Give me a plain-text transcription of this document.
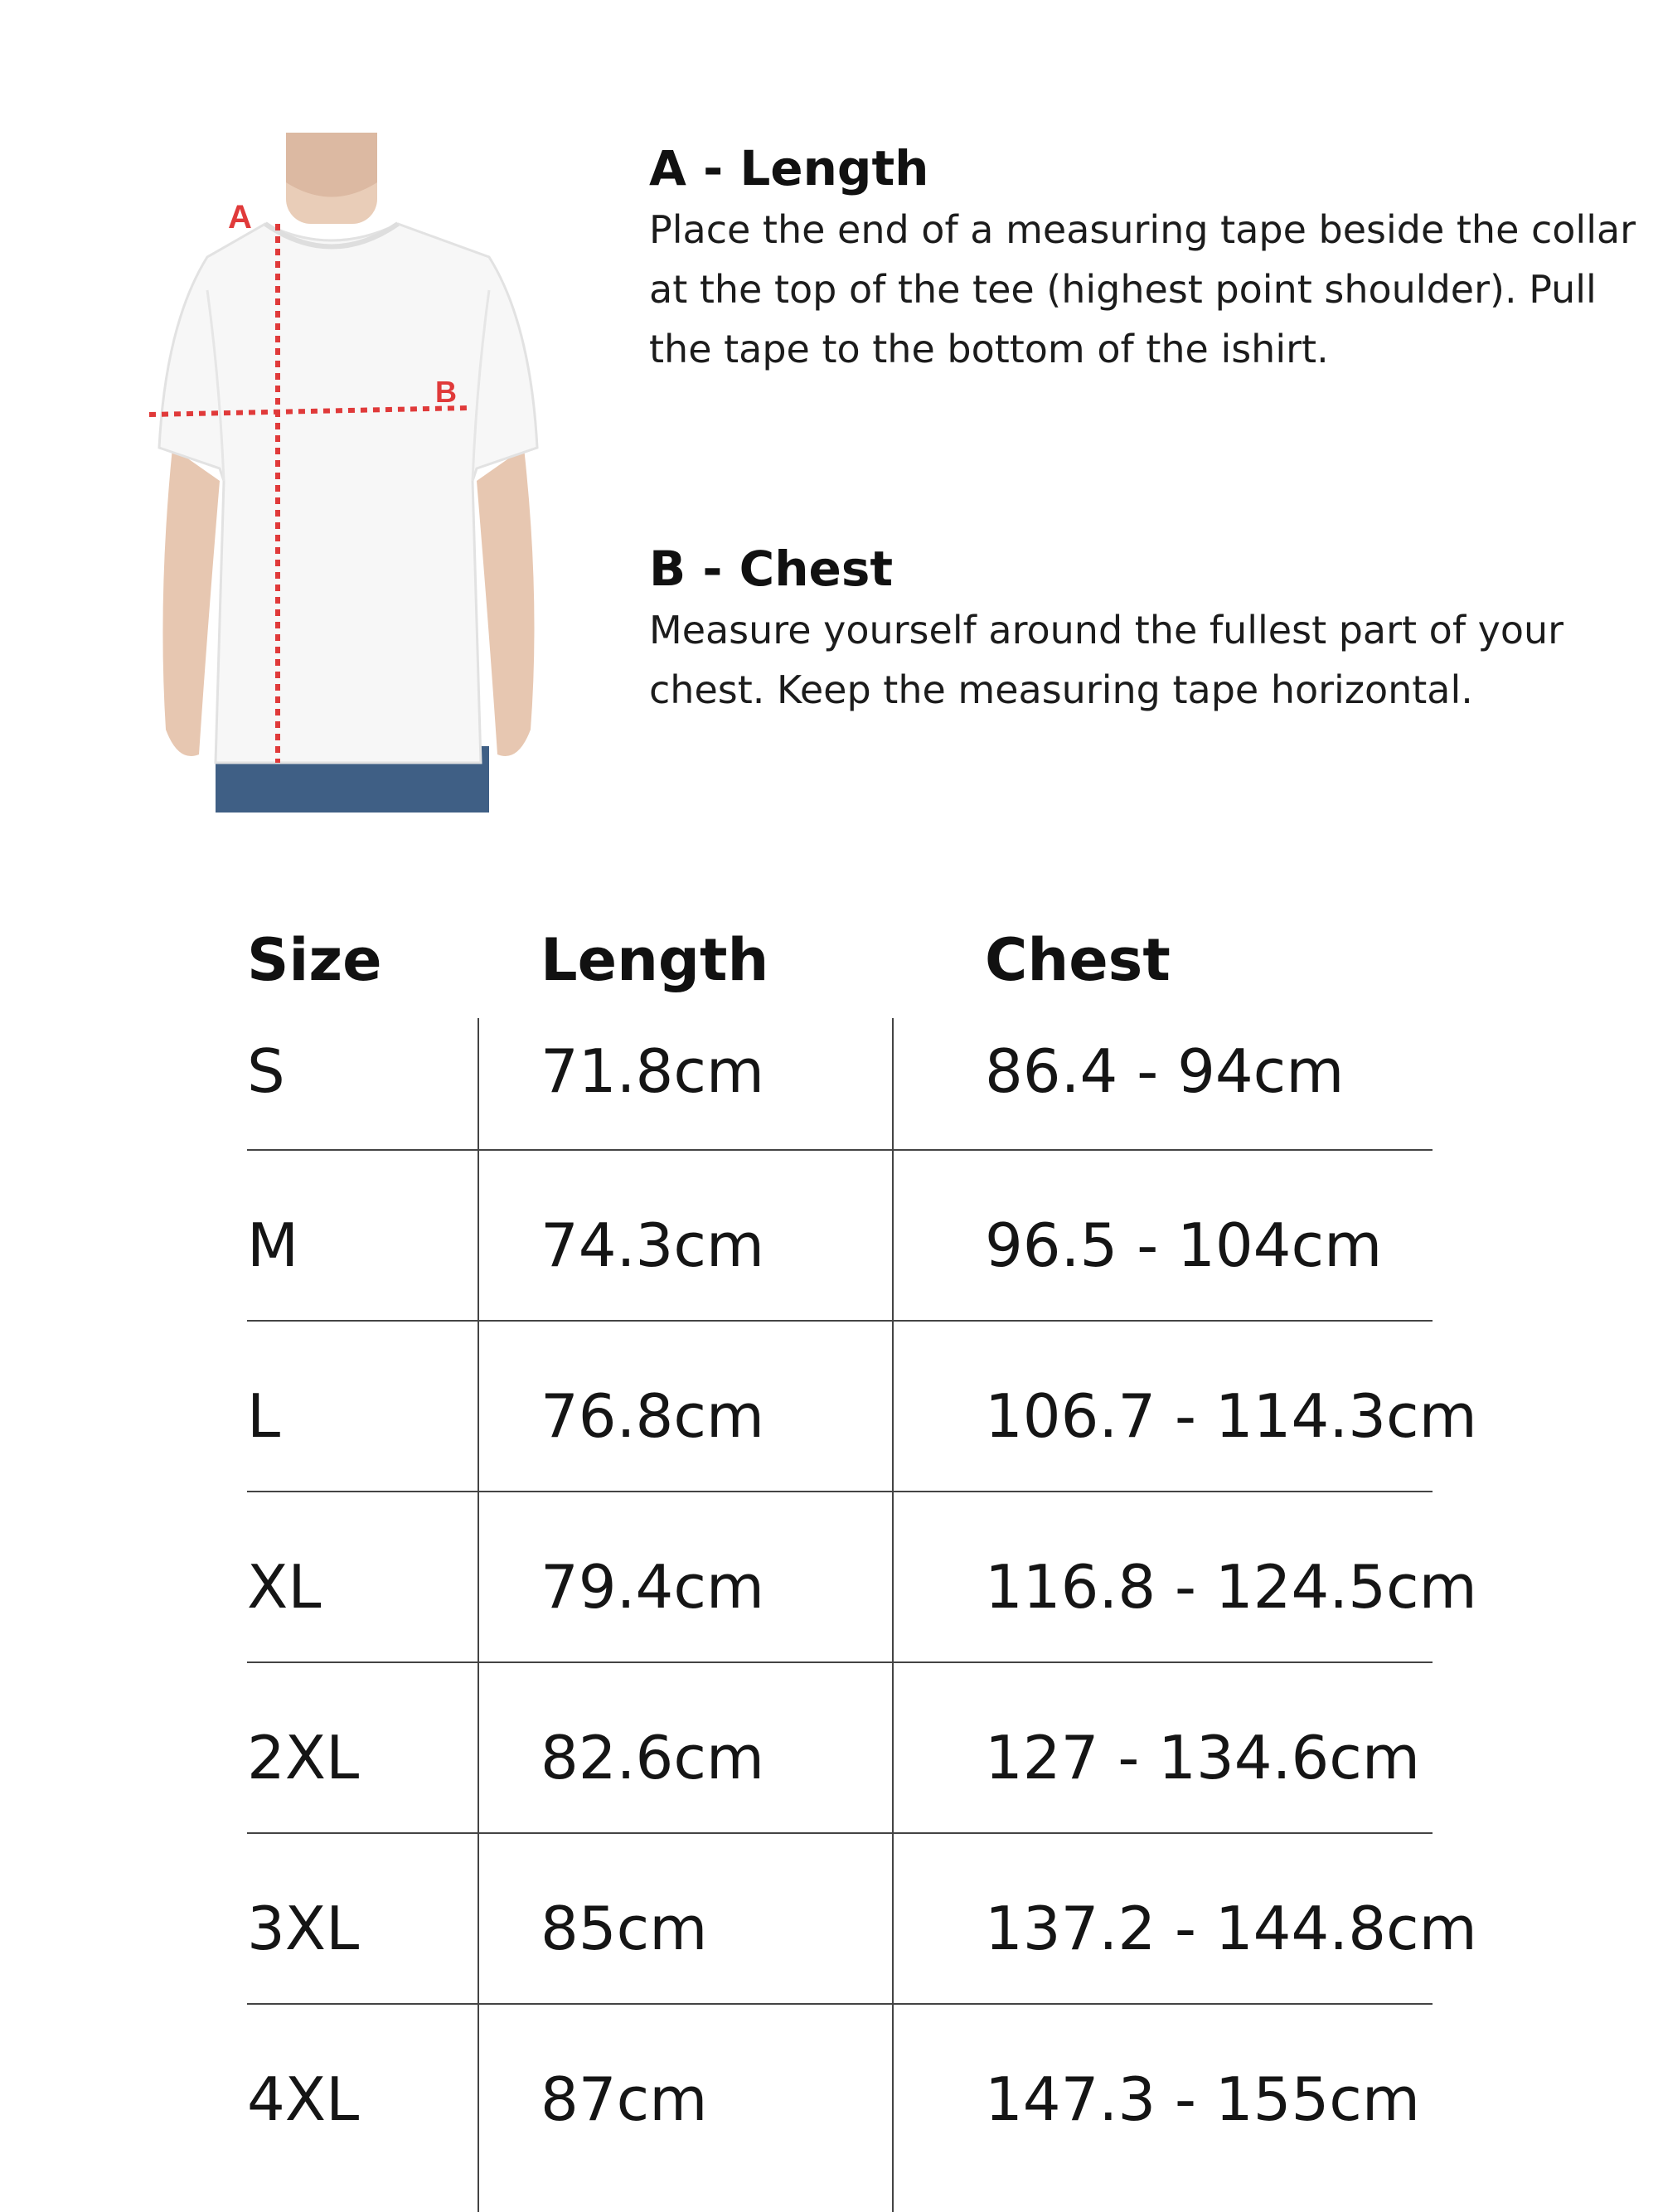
A
B

A - Length

Place the end of a measuring tape beside the collar at the top of the tee (highest point shoulder). Pull the tape to the bottom of the ishirt.

B - Chest

Measure yourself around the fullest part of your chest. Keep the measuring tape horizontal.

Size	Length	Chest
S	71.8cm	86.4 - 94cm
M	74.3cm	96.5 - 104cm
L	76.8cm	106.7 - 114.3cm
XL	79.4cm	116.8 - 124.5cm
2XL	82.6cm	127 - 134.6cm
3XL	85cm	137.2 - 144.8cm
4XL	87cm	147.3 - 155cm
